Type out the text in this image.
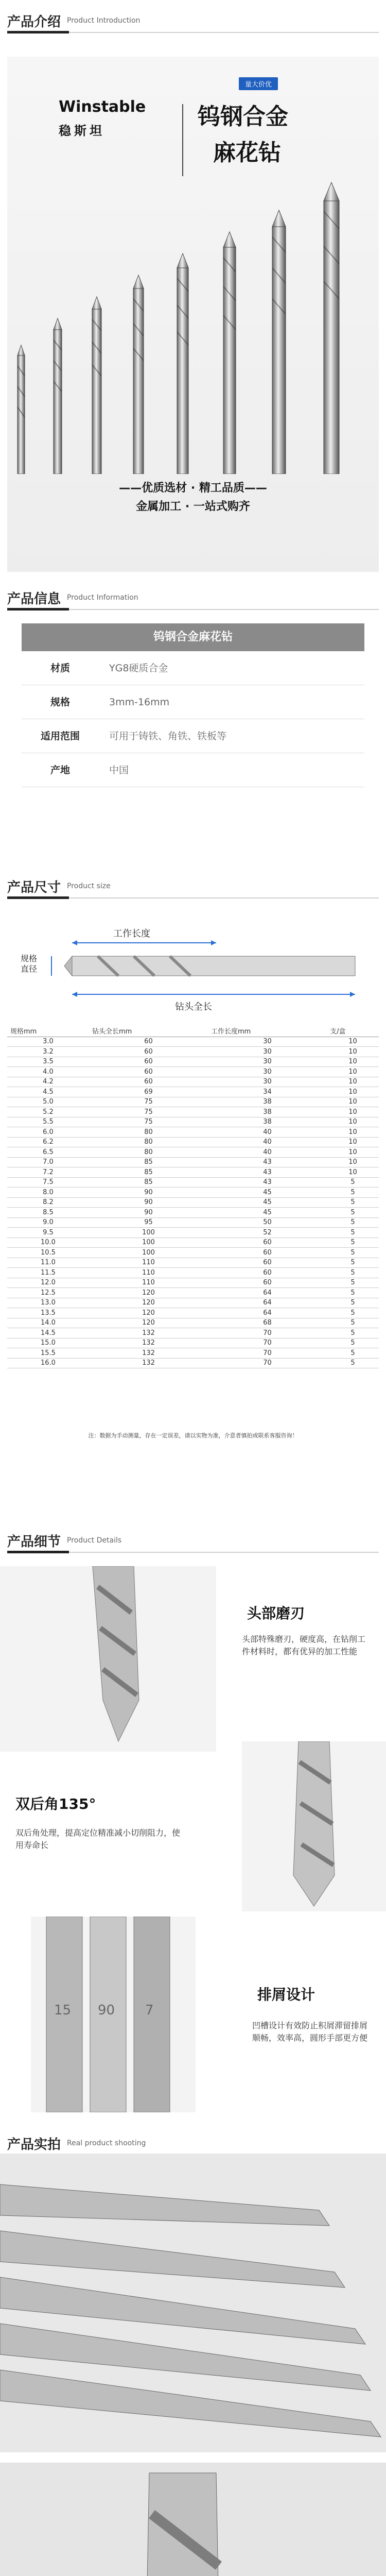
产品介绍 Product Introduction
Winstable
稳斯坦
量大价优
钨钢合金
麻花钻
——优质选材 · 精工品质——
金属加工 · 一站式购齐
产品信息 Product Information
钨钢合金麻花钻
材质	YG8硬质合金
规格	3mm-16mm
适用范围	可用于铸铁、角铁、铁板等
产地	中国
产品尺寸 Product size
工作长度
规格
直径
钻头全长
规格mm	钻头全长mm	工作长度mm	支/盒
3.0	60	30	10
3.2	60	30	10
3.5	60	30	10
4.0	60	30	10
4.2	60	30	10
4.5	69	34	10
5.0	75	38	10
5.2	75	38	10
5.5	75	38	10
6.0	80	40	10
6.2	80	40	10
6.5	80	40	10
7.0	85	43	10
7.2	85	43	10
7.5	85	43	5
8.0	90	45	5
8.2	90	45	5
8.5	90	45	5
9.0	95	50	5
9.5	100	52	5
10.0	100	60	5
10.5	100	60	5
11.0	110	60	5
11.5	110	60	5
12.0	110	60	5
12.5	120	64	5
13.0	120	64	5
13.5	120	64	5
14.0	120	68	5
14.5	132	70	5
15.0	132	70	5
15.5	132	70	5
16.0	132	70	5
注：数据为手动测量，存在一定误差，请以实物为准，介意者慎拍或联系客服咨询！
产品细节 Product Details
头部磨刃
头部特殊磨刃，硬度高，在钻削工件材料时，都有优异的加工性能
双后角135°
双后角处理，提高定位精准减小切削阻力，使用寿命长
15 90 7
排屑设计
凹槽设计有效防止积屑滞留排屑顺畅，效率高，圆形手部更方便
产品实拍 Real product shooting
